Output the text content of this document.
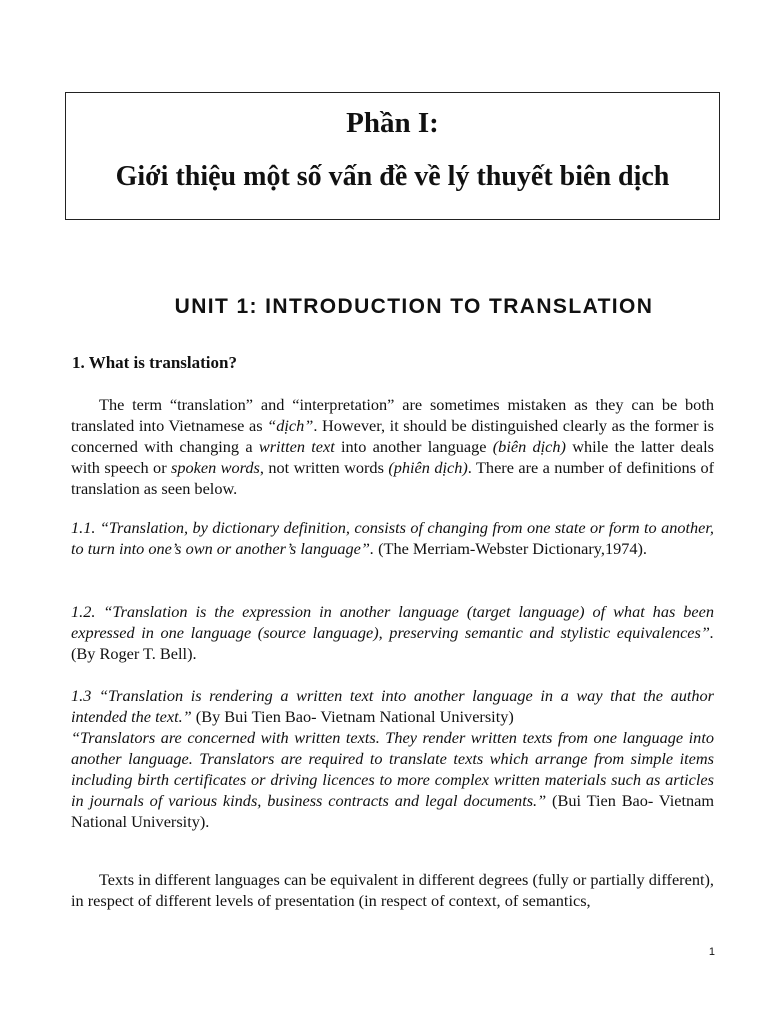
Phần I:
Giới thiệu một số vấn đề về lý thuyết biên dịch
UNIT 1: INTRODUCTION TO TRANSLATION
1. What is translation?

The term “translation” and “interpretation” are sometimes mistaken as they can be both translated into Vietnamese as “dịch”. However, it should be distinguished clearly as the former is concerned with changing a written text into another language (biên dịch) while the latter deals with speech or spoken words, not written words (phiên dịch). There are a number of definitions of translation as seen below.

1.1. “Translation, by dictionary definition, consists of changing from one state or form to another, to turn into one’s own or another’s language”. (The Merriam-Webster Dictionary,1974).

1.2. “Translation is the expression in another language (target language) of what has been expressed in one language (source language), preserving semantic and stylistic equivalences”. (By Roger T. Bell).

1.3 “Translation is rendering a written text into another language in a way that the author intended the text.” (By Bui Tien Bao- Vietnam National University)
“Translators are concerned with written texts. They render written texts from one language into another language. Translators are required to translate texts which arrange from simple items including birth certificates or driving licences to more complex written materials such as articles in journals of various kinds, business contracts and legal documents.” (Bui Tien Bao- Vietnam National University).

Texts in different languages can be equivalent in different degrees (fully or partially different), in respect of different levels of presentation (in respect of context, of semantics,

1
